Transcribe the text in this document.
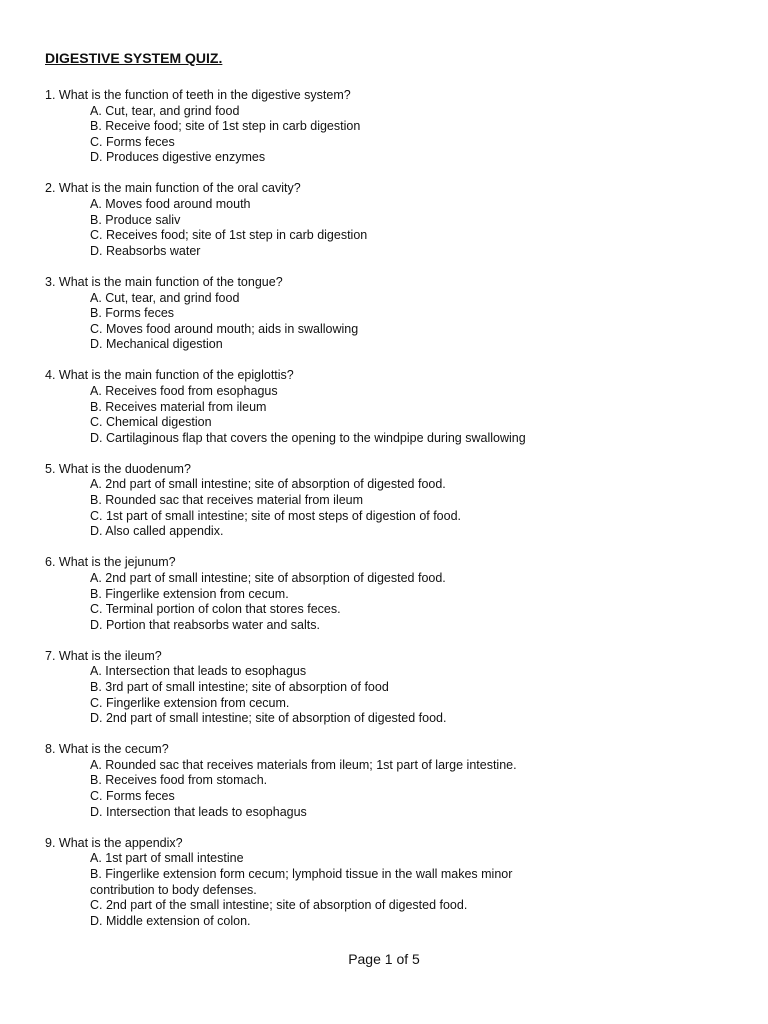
DIGESTIVE SYSTEM QUIZ.

1. What is the function of teeth in the digestive system?

A. Cut, tear, and grind food
B. Receive food; site of 1st step in carb digestion
C. Forms feces
D. Produces digestive enzymes

2. What is the main function of the oral cavity?

A. Moves food around mouth
B. Produce saliv
C. Receives food; site of 1st step in carb digestion
D. Reabsorbs water

3. What is the main function of the tongue?

A. Cut, tear, and grind food
B. Forms feces
C. Moves food around mouth; aids in swallowing
D. Mechanical digestion

4. What is the main function of the epiglottis?

A. Receives food from esophagus
B. Receives material from ileum
C. Chemical digestion
D. Cartilaginous flap that covers the opening to the windpipe during swallowing

5. What is the duodenum?

A. 2nd part of small intestine; site of absorption of digested food.
B. Rounded sac that receives material from ileum
C. 1st part of small intestine; site of most steps of digestion of food.
D. Also called appendix.

6. What is the jejunum?

A. 2nd part of small intestine; site of absorption of digested food.
B. Fingerlike extension from cecum.
C. Terminal portion of colon that stores feces.
D. Portion that reabsorbs water and salts.

7. What is the ileum?

A. Intersection that leads to esophagus
B. 3rd part of small intestine; site of absorption of food
C. Fingerlike extension from cecum.
D. 2nd part of small intestine; site of absorption of digested food.

8. What is the cecum?

A. Rounded sac that receives materials from ileum; 1st part of large intestine.
B. Receives food from stomach.
C. Forms feces
D. Intersection that leads to esophagus

9. What is the appendix?

A. 1st part of small intestine
B. Fingerlike extension form cecum; lymphoid tissue in the wall makes minor
contribution to body defenses.
C. 2nd part of the small intestine; site of absorption of digested food.
D. Middle extension of colon.
Page 1 of 5
